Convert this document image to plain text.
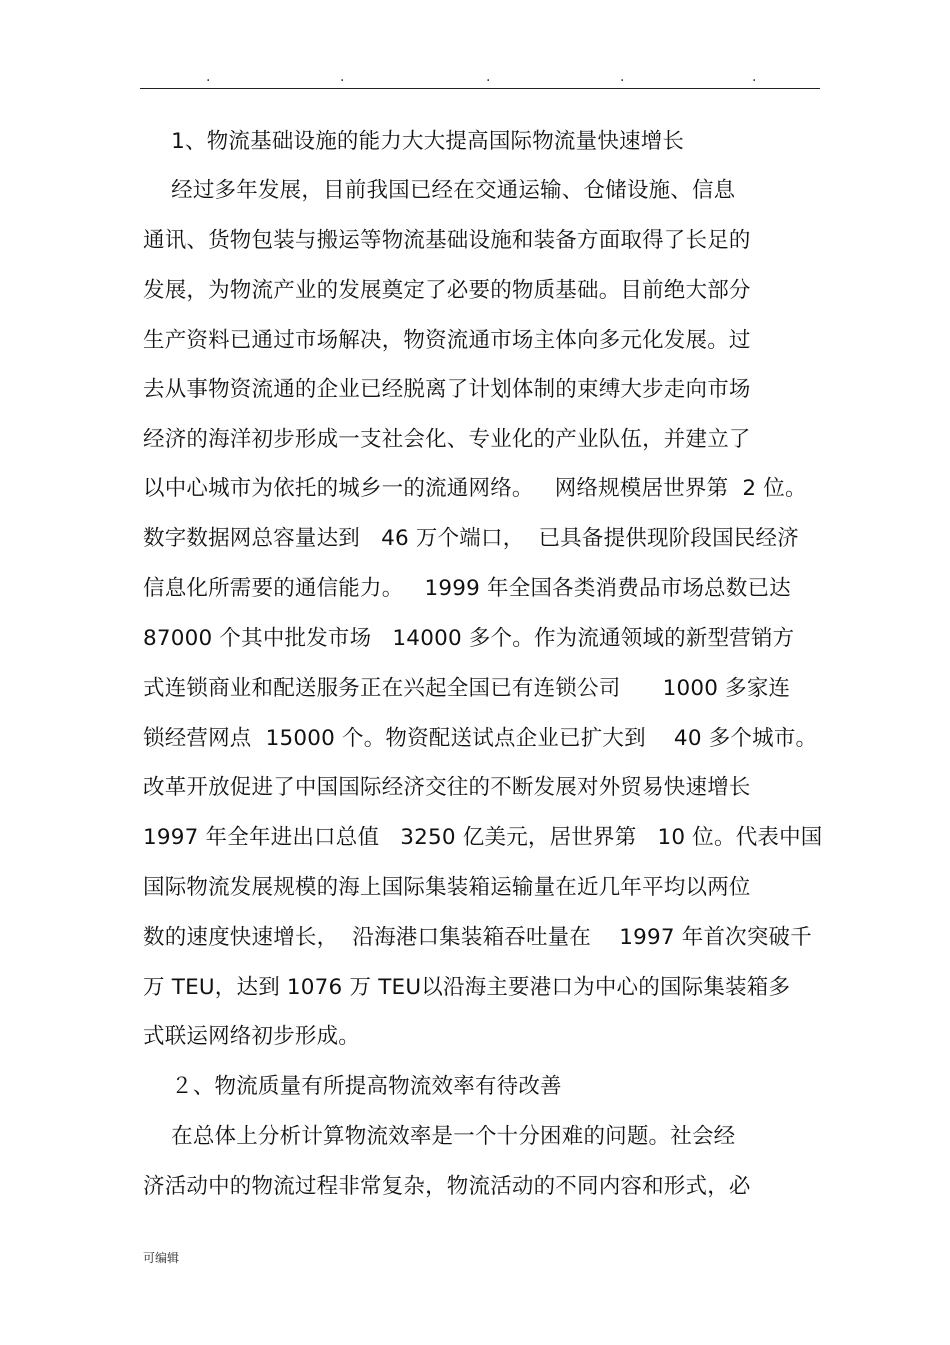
.	.	.	.	.
1、物流基础设施的能力大大提高国际物流量快速增长
经过多年发展，目前我国已经在交通运输、仓储设施、信息
通讯、货物包装与搬运等物流基础设施和装备方面取得了长足的
发展，为物流产业的发展奠定了必要的物质基础。目前绝大部分
生产资料已通过市场解决，物资流通市场主体向多元化发展。过
去从事物资流通的企业已经脱离了计划体制的束缚大步走向市场
经济的海洋初步形成一支社会化、专业化的产业队伍，并建立了
以中心城市为依托的城乡一的流通网络。   网络规模居世界第  2 位。
数字数据网总容量达到   46 万个端口，  已具备提供现阶段国民经济
信息化所需要的通信能力。   1999 年全国各类消费品市场总数已达
87000 个其中批发市场   14000 多个。作为流通领域的新型营销方
式连锁商业和配送服务正在兴起全国已有连锁公司      1000 多家连
锁经营网点  15000 个。物资配送试点企业已扩大到    40 多个城市。
改革开放促进了中国国际经济交往的不断发展对外贸易快速增长
1997 年全年进出口总值   3250 亿美元，居世界第   10 位。代表中国
国际物流发展规模的海上国际集装箱运输量在近几年平均以两位
数的速度快速增长，  沿海港口集装箱吞吐量在    1997 年首次突破千
万 TEU，达到 1076 万 TEU以沿海主要港口为中心的国际集装箱多
式联运网络初步形成。
２、物流质量有所提高物流效率有待改善
在总体上分析计算物流效率是一个十分困难的问题。社会经
济活动中的物流过程非常复杂，物流活动的不同内容和形式，必
可编辑
